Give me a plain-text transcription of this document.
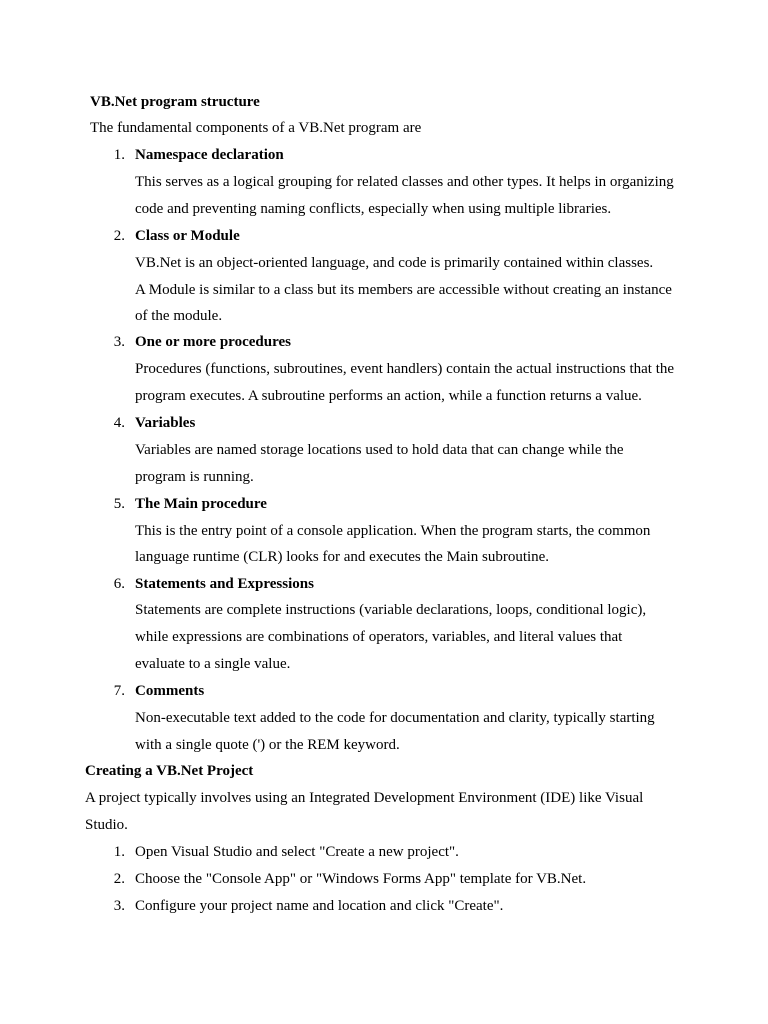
VB.Net program structure
The fundamental components of a VB.Net program are
1. Namespace declaration
This serves as a logical grouping for related classes and other types. It helps in organizing
code and preventing naming conflicts, especially when using multiple libraries.
2. Class or Module
VB.Net is an object-oriented language, and code is primarily contained within classes.
A Module is similar to a class but its members are accessible without creating an instance
of the module.
3. One or more procedures
Procedures (functions, subroutines, event handlers) contain the actual instructions that the
program executes. A subroutine performs an action, while a function returns a value.
4. Variables
Variables are named storage locations used to hold data that can change while the
program is running.
5. The Main procedure
This is the entry point of a console application. When the program starts, the common
language runtime (CLR) looks for and executes the Main subroutine.
6. Statements and Expressions
Statements are complete instructions (variable declarations, loops, conditional logic),
while expressions are combinations of operators, variables, and literal values that
evaluate to a single value.
7. Comments
Non-executable text added to the code for documentation and clarity, typically starting
with a single quote (') or the REM keyword.
Creating a VB.Net Project
A project typically involves using an Integrated Development Environment (IDE) like Visual
Studio.
1. Open Visual Studio and select "Create a new project".
2. Choose the "Console App" or "Windows Forms App" template for VB.Net.
3. Configure your project name and location and click "Create".
